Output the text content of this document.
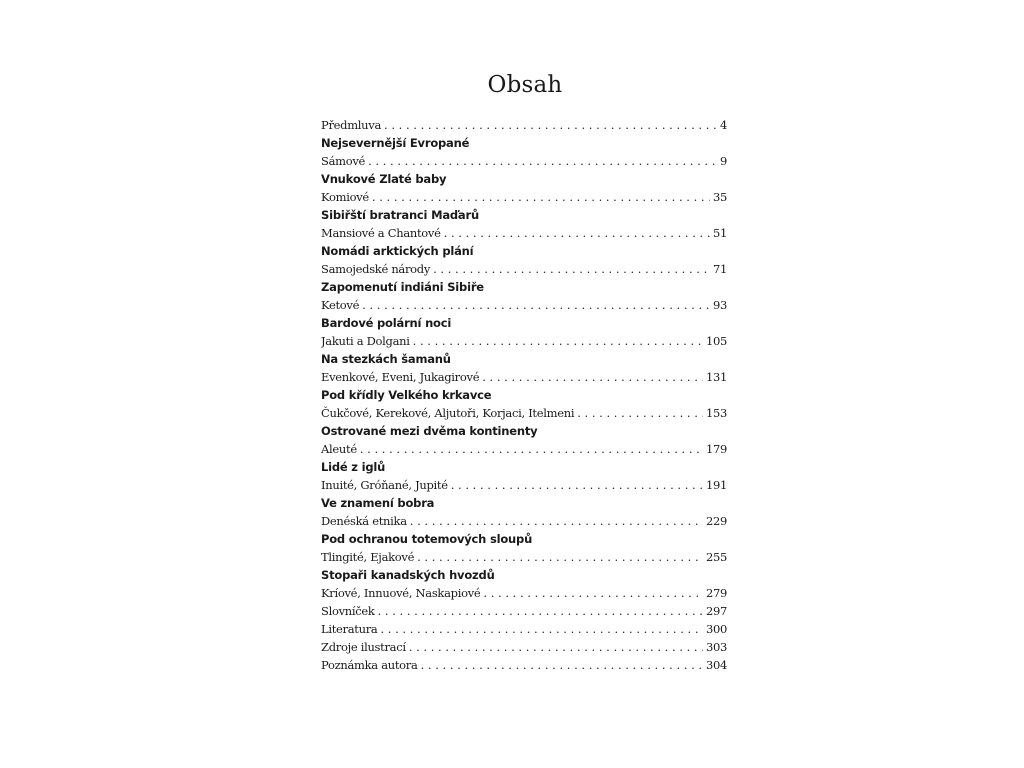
Obsah
Předmluva . . .	4
Nejsevernější Evropané
Sámové . . .	9
Vnukové Zlaté baby
Komiové . . .	35
Sibiřští bratranci Maďarů
Mansiové a Chantové . . .	51
Nomádi arktických plání
Samojedské národy . . .	71
Zapomenutí indiáni Sibiře
Ketové . . .	93
Bardové polární noci
Jakuti a Dolgani . . .	105
Na stezkách šamanů
Evenkové, Eveni, Jukagirové . . .	131
Pod křídly Velkého krkavce
Čukčové, Kerekové, Aljutoři, Korjaci, Itelmeni . . .	153
Ostrované mezi dvěma kontinenty
Aleuté . . .	179
Lidé z iglů
Inuité, Gróňané, Jupité . . .	191
Ve znamení bobra
Denéská etnika . . .	229
Pod ochranou totemových sloupů
Tlingité, Ejakové . . .	255
Stopaři kanadských hvozdů
Kríové, Innuové, Naskapiové . . .	279
Slovníček . . .	297
Literatura . . .	300
Zdroje ilustrací . . .	303
Poznámka autora . . .	304
